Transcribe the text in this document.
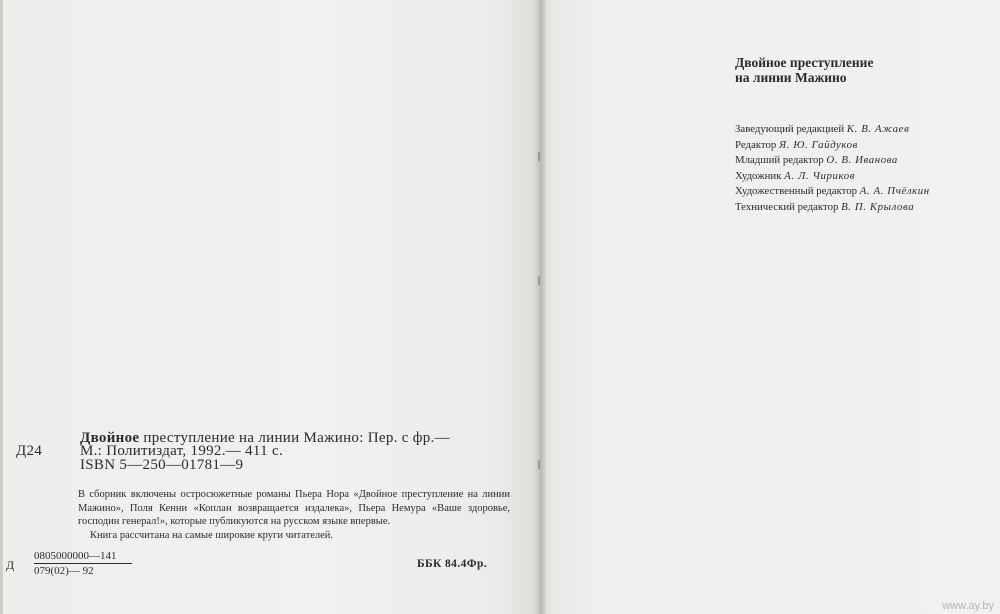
Д24
Двойное преступление на линии Мажино: Пер. с фр.—
М.: Политиздат, 1992.— 411 с.
ISBN 5—250—01781—9

В сборник включены остросюжетные романы Пьера Нора «Двойное преступление на линии Мажино», Поля Кенни «Коплан возвращается издалека», Пьера Немура «Ваше здоровье, господин генерал!», которые публикуются на русском языке впервые.

Книга рассчитана на самые широкие круги читателей.

Д $\frac{0805000000—141}{079(02)— 92}$	ББК 84.4Фр.
Двойное преступление
на линии Мажино
Заведующий редакцией К. В. Ажаев
Редактор Я. Ю. Гайдуков
Младший редактор О. В. Иванова
Художник А. Л. Чириков
Художественный редактор А. А. Пчёлкин
Технический редактор В. П. Крылова
www.ay.by
